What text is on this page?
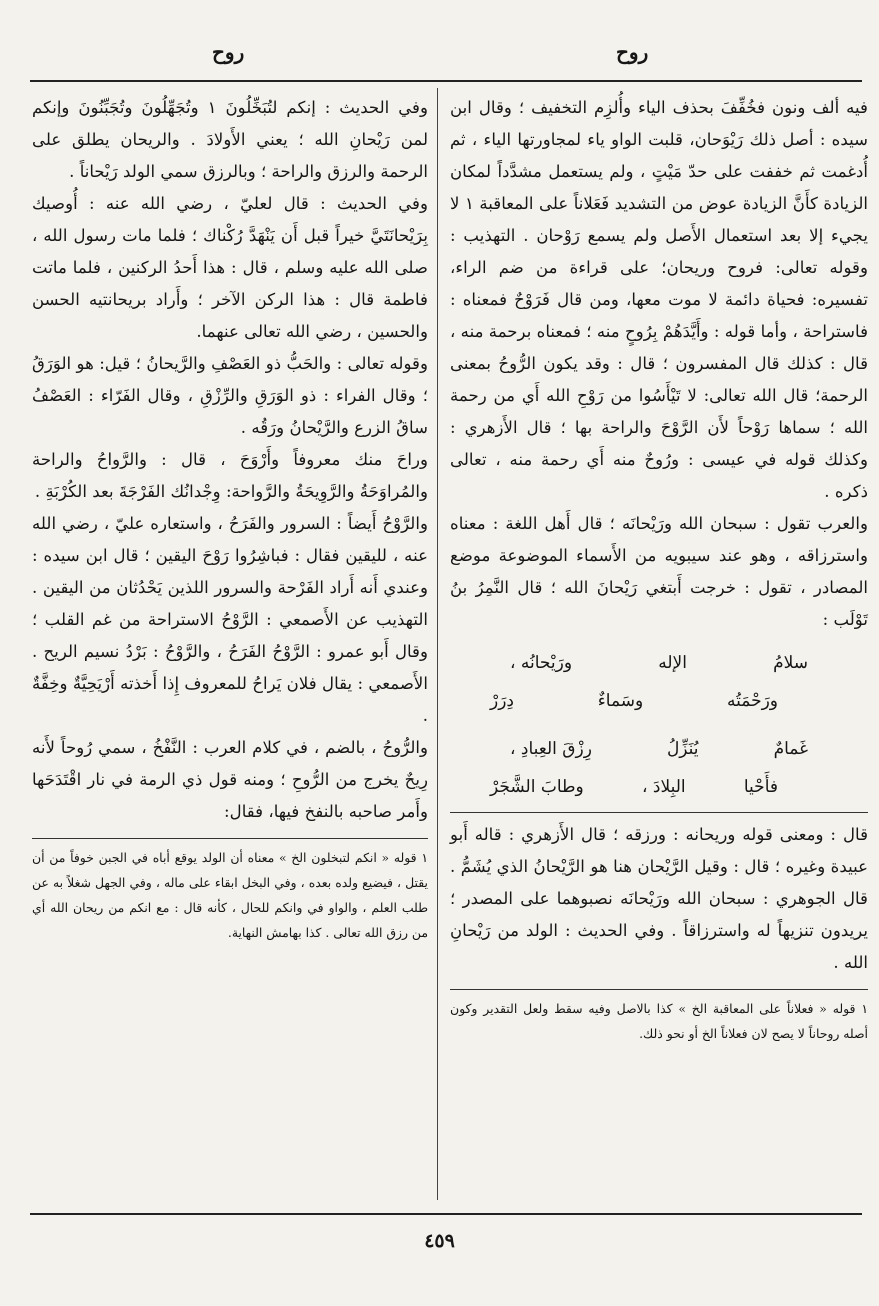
روح
روح

فيه ألف ونون فخُفِّفَ بحذف الياء وأُلزِم التخفيف ؛ وقال ابن سيده : أصل ذلك رَيْوَحان، قلبت الواو ياء لمجاورتها الياء ، ثم أُدغمت ثم خففت على حدّ مَيْتٍ ، ولم يستعمل مشدَّداً لمكان الزيادة كأَنَّ الزيادة عوض من التشديد فَعَلاناً على المعاقبة ١ لا يجيء إلا بعد استعمال الأَصل ولم يسمع رَوْحان . التهذيب : وقوله تعالى: فروح وريحان؛ على قراءة من ضم الراء، تفسيره: فحياة دائمة لا موت معها، ومن قال فَرَوْحٌ فمعناه : فاستراحة ، وأما قوله : وأَيَّدَهُمْ بِرُوحٍ منه ؛ فمعناه برحمة منه ، قال : كذلك قال المفسرون ؛ قال : وقد يكون الرُّوحُ بمعنى الرحمة؛ قال الله تعالى: لا تَيْأَسُوا من رَوْحِ الله أَي من رحمة الله ؛ سماها رَوْحاً لأَن الرَّوْحَ والراحة بها ؛ قال الأَزهري : وكذلك قوله في عيسى : ورُوحٌ منه أَي رحمة منه ، تعالى ذكره .

والعرب تقول : سبحان الله ورَيْحانَه ؛ قال أَهل اللغة : معناه واسترزاقه ، وهو عند سيبويه من الأَسماء الموضوعة موضع المصادر ، تقول : خرجت أَبتغي رَيْحانَ الله ؛ قال النَّمِرُ بنُ تَوْلَب :

سلامُ
الإله
ورَيْحانُه ،
ورَحْمَتُه
وسَماءٌ
دِرَرْ
غَمامٌ
يُنَزِّلُ
رِزْقَ العِبادِ ،
فأَحْيا
البِلادَ ،
وطابَ الشَّجَرْ

قال : ومعنى قوله وريحانه : ورزقه ؛ قال الأَزهري : قاله أَبو عبيدة وغيره ؛ قال : وقيل الرَّيْحان هنا هو الرَّيْحانُ الذي يُشَمُّ . قال الجوهري : سبحان الله ورَيْحانَه نصبوهما على المصدر ؛ يريدون تنزيهاً له واسترزاقاً . وفي الحديث : الولد من رَيْحانِ الله .

١ قوله « فعلاناً على المعاقبة الخ » كذا بالاصل وفيه سقط ولعل التقدير وكون أصله روحاناً لا يصح لان فعلاناً الخ أو نحو ذلك.

وفي الحديث : إنكم لتُبَخِّلُونَ ١ وتُجَهِّلُونَ وتُجَبِّنُونَ وإنكم لمن رَيْحانِ الله ؛ يعني الأَولادَ . والريحان يطلق على الرحمة والرزق والراحة ؛ وبالرزق سمي الولد رَيْحاناً .

وفي الحديث : قال لعليّ ، رضي الله عنه : أُوصيك بِرَيْحانَتَيَّ خيراً قبل أَن يَنْهَدَّ رُكْناك ؛ فلما مات رسول الله ، صلى الله عليه وسلم ، قال : هذا أَحدُ الركنين ، فلما ماتت فاطمة قال : هذا الركن الآخر ؛ وأَراد بريحانتيه الحسن والحسين ، رضي الله تعالى عنهما.

وقوله تعالى : والحَبُّ ذو العَصْفِ والرَّيحانُ ؛ قيل: هو الوَرَقُ ؛ وقال الفراء : ذو الوَرَقِ والرِّزْقِ ، وقال الفَرّاء : العَصْفُ ساقُ الزرع والرَّيْحانُ ورَقُه .

وراحَ منك معروفاً وأَرْوَحَ ، قال : والرَّواحُ والراحة والمُراوَحَةُ والرَّوِيحَةُ والرَّواحة: وِجْدانُك الفَرْجَةَ بعد الكُرْبَةِ .

والرَّوْحُ أَيضاً : السرور والفَرَحُ ، واستعاره عليّ ، رضي الله عنه ، لليقين فقال : فباشِرُوا رَوْحَ اليقين ؛ قال ابن سيده : وعندي أَنه أَراد الفَرْحة والسرور اللذين يَحْدُثان من اليقين . التهذيب عن الأَصمعي : الرَّوْحُ الاستراحة من غم القلب ؛ وقال أَبو عمرو : الرَّوْحُ الفَرَحُ ، والرَّوْحُ : بَرْدُ نسيم الريح . الأَصمعي : يقال فلان يَراحُ للمعروف إِذا أَخذته أَرْيَحِيَّةٌ وخِفَّةٌ .

والرُّوحُ ، بالضم ، في كلام العرب : النَّفْخُ ، سمي رُوحاً لأَنه رِيحٌ يخرج من الرُّوحِ ؛ ومنه قول ذي الرمة في نار اقْتَدَحَها وأَمر صاحبه بالنفخ فيها، فقال:

١ قوله « انكم لتبخلون الخ » معناه أن الولد يوقع أباه في الجبن خوفاً من أن يقتل ، فيضيع ولده بعده ، وفي البخل ابقاء على ماله ، وفي الجهل شغلاً به عن طلب العلم ، والواو في وانكم للحال ، كأنه قال : مع انكم من ريحان الله أي من رزق الله تعالى . كذا بهامش النهاية.
٤٥٩
